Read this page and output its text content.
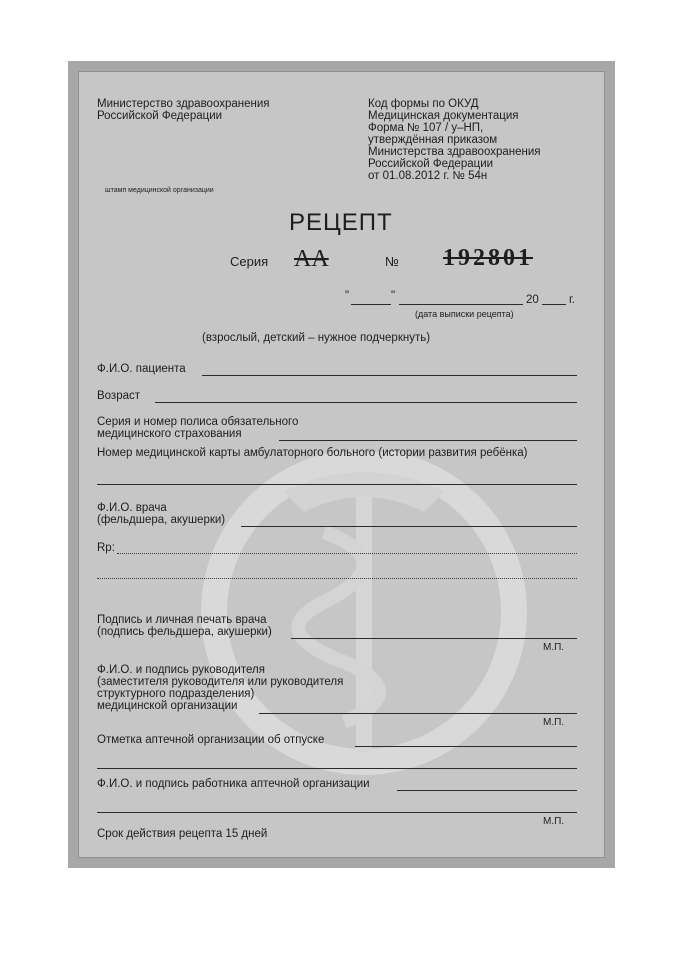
Министерство здравоохранения
Российской Федерации
штамп медицинской организации
Код формы по ОКУД
Медицинская документация
Форма № 107 / у–НП,
утверждённая приказом
Министерства здравоохранения
Российской Федерации
от 01.08.2012 г. № 54н
РЕЦЕПТ
Серия АА	№ 192801
"	"	20	г.
(дата выписки рецепта)
(взрослый, детский – нужное подчеркнуть)
Ф.И.О. пациента
Возраст
Серия и номер полиса обязательного
медицинского страхования
Номер медицинской карты амбулаторного больного (истории развития ребёнка)
Ф.И.О. врача
(фельдшера, акушерки)
Rp:
Подпись и личная печать врача
(подпись фельдшера, акушерки)
М.П.
Ф.И.О. и подпись руководителя
(заместителя руководителя или руководителя
структурного подразделения)
медицинской организации
М.П.
Отметка аптечной организации об отпуске
Ф.И.О. и подпись работника аптечной организации
М.П.
Срок действия рецепта 15 дней
